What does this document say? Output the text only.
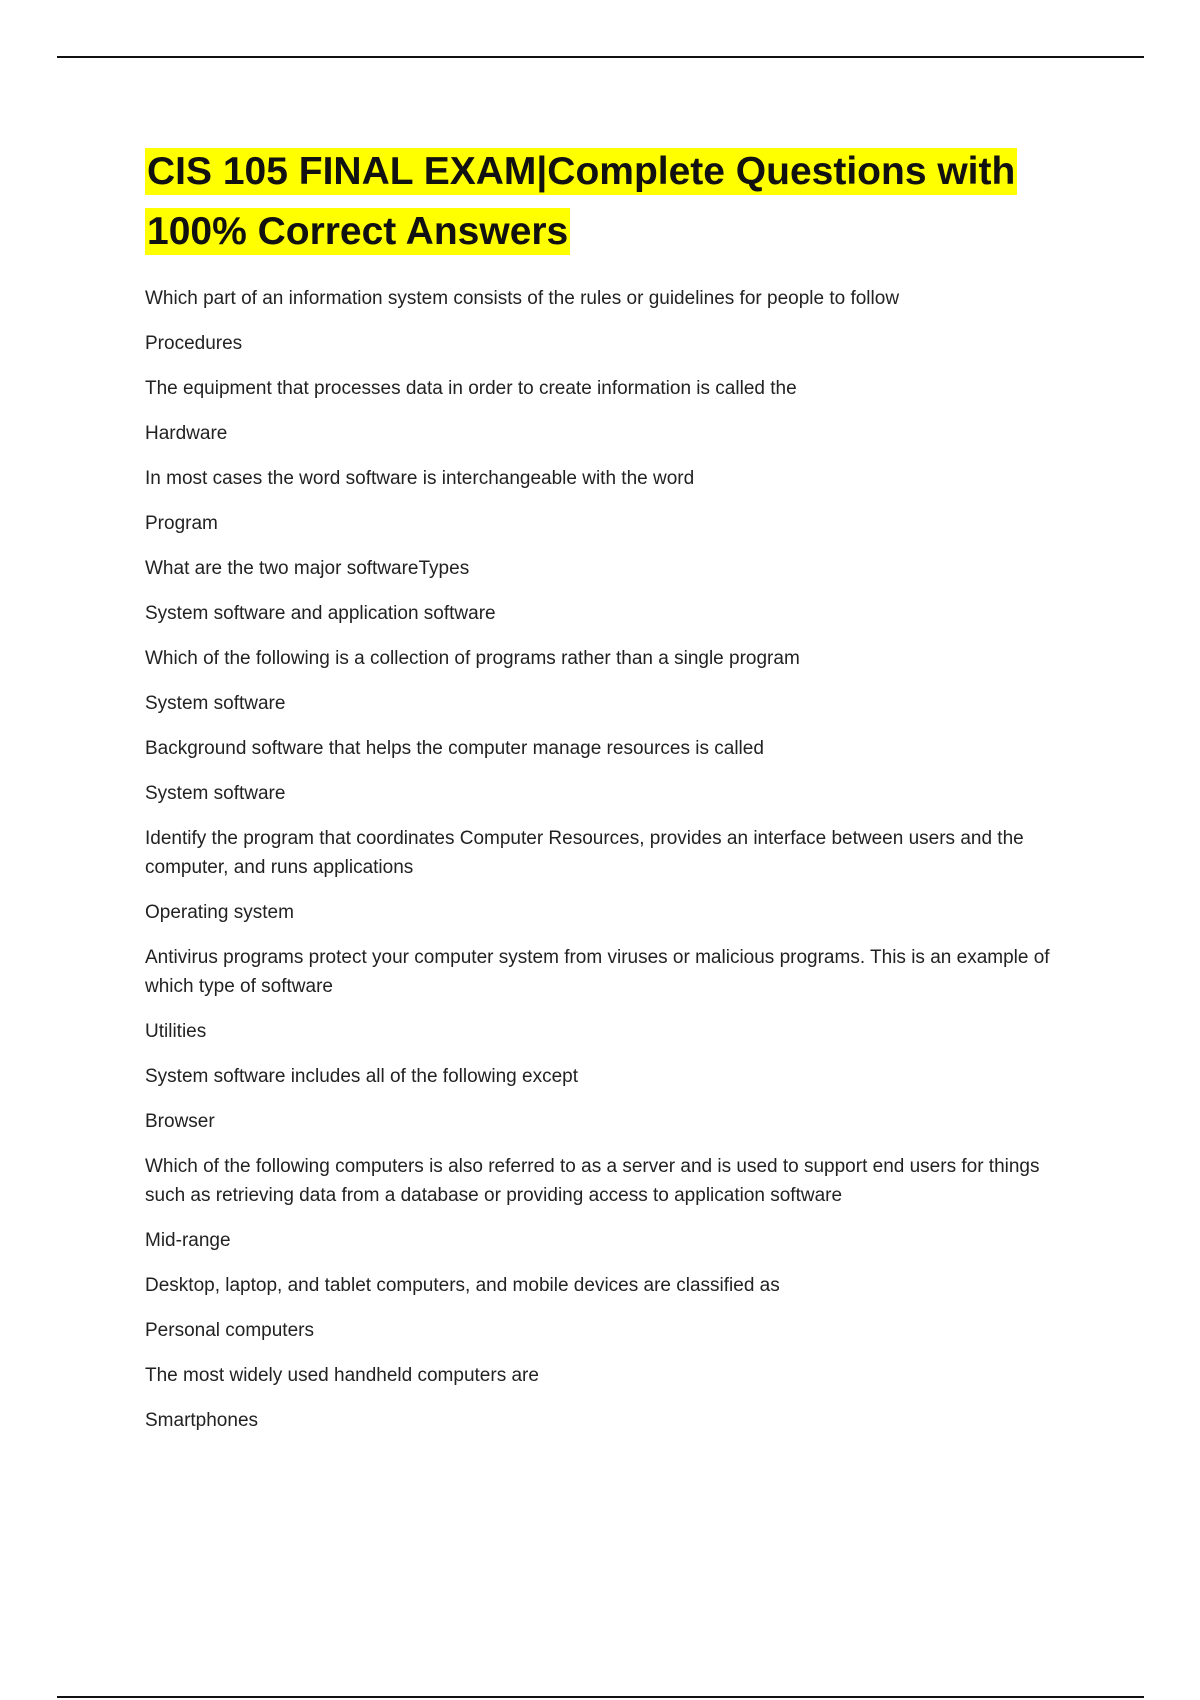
CIS 105 FINAL EXAM|Complete Questions with 100% Correct Answers

Which part of an information system consists of the rules or guidelines for people to follow

Procedures

The equipment that processes data in order to create information is called the

Hardware

In most cases the word software is interchangeable with the word

Program

What are the two major softwareTypes

System software and application software

Which of the following is a collection of programs rather than a single program

System software

Background software that helps the computer manage resources is called

System software

Identify the program that coordinates Computer Resources, provides an interface between users and the computer, and runs applications

Operating system

Antivirus programs protect your computer system from viruses or malicious programs. This is an example of which type of software

Utilities

System software includes all of the following except

Browser

Which of the following computers is also referred to as a server and is used to support end users for things such as retrieving data from a database or providing access to application software

Mid-range

Desktop, laptop, and tablet computers, and mobile devices are classified as

Personal computers

The most widely used handheld computers are

Smartphones
